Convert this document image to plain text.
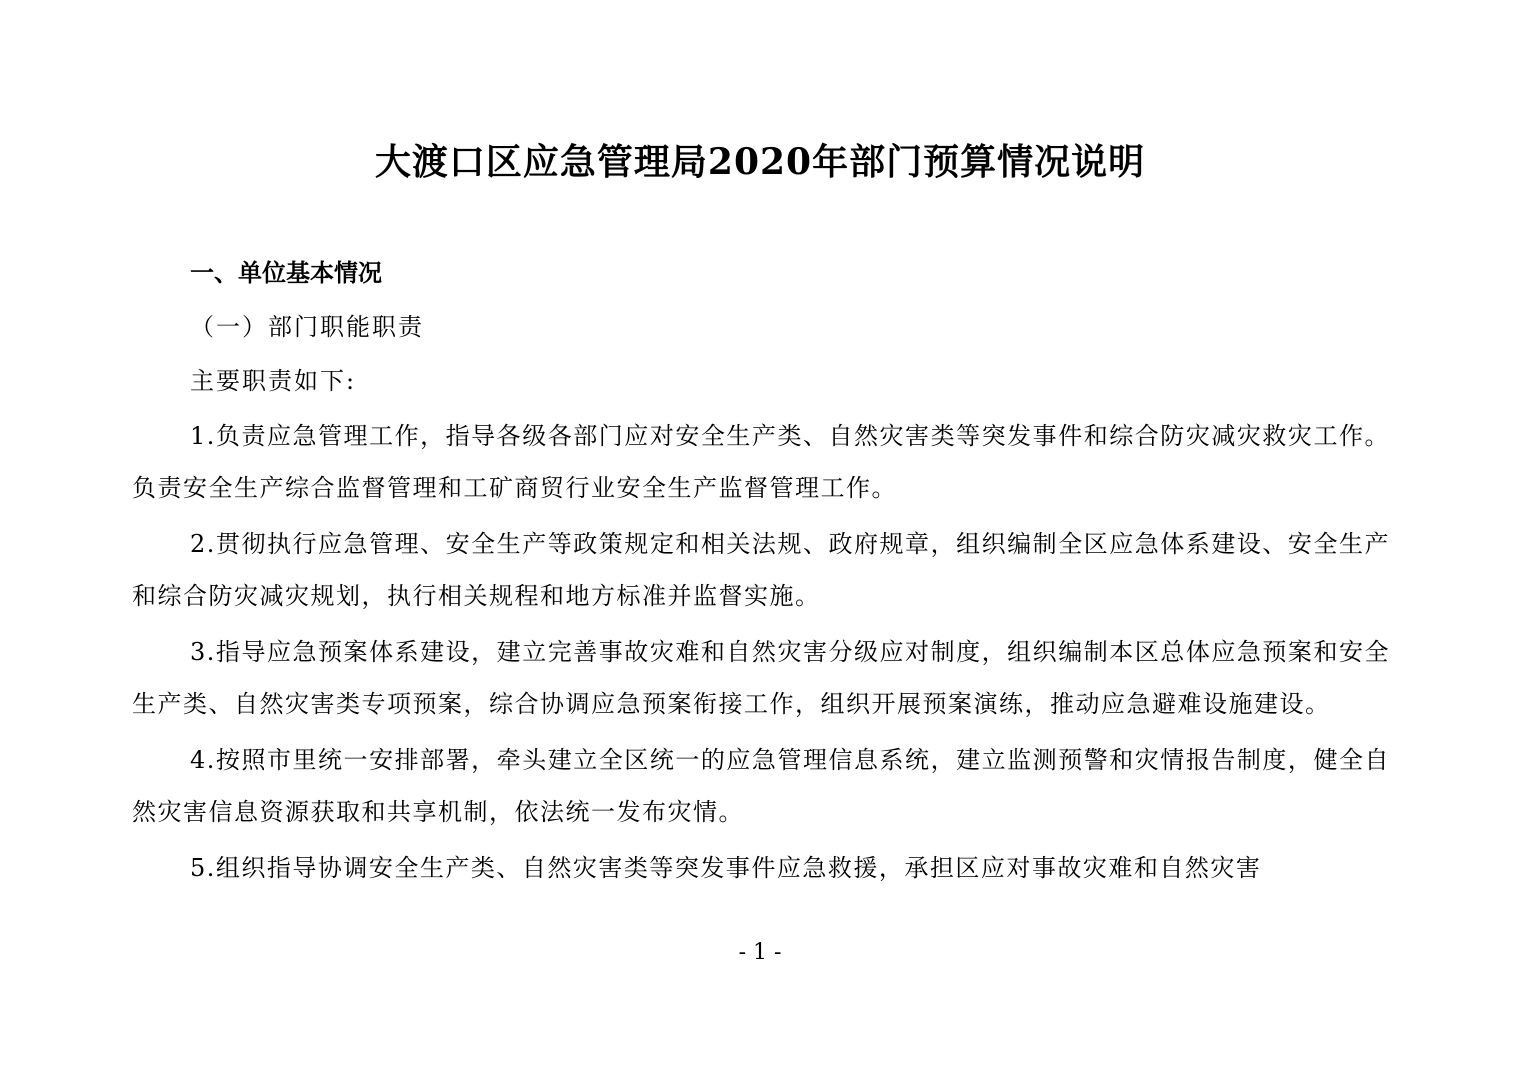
大渡口区应急管理局2020年部门预算情况说明
一、单位基本情况
（一）部门职能职责
主要职责如下:

1.负责应急管理工作，指导各级各部门应对安全生产类、自然灾害类等突发事件和综合防灾减灾救灾工作。负责安全生产综合监督管理和工矿商贸行业安全生产监督管理工作。

2.贯彻执行应急管理、安全生产等政策规定和相关法规、政府规章，组织编制全区应急体系建设、安全生产和综合防灾减灾规划，执行相关规程和地方标准并监督实施。

3.指导应急预案体系建设，建立完善事故灾难和自然灾害分级应对制度，组织编制本区总体应急预案和安全生产类、自然灾害类专项预案，综合协调应急预案衔接工作，组织开展预案演练，推动应急避难设施建设。

4.按照市里统一安排部署，牵头建立全区统一的应急管理信息系统，建立监测预警和灾情报告制度，健全自然灾害信息资源获取和共享机制，依法统一发布灾情。

5.组织指导协调安全生产类、自然灾害类等突发事件应急救援，承担区应对事故灾难和自然灾害

- 1 -
